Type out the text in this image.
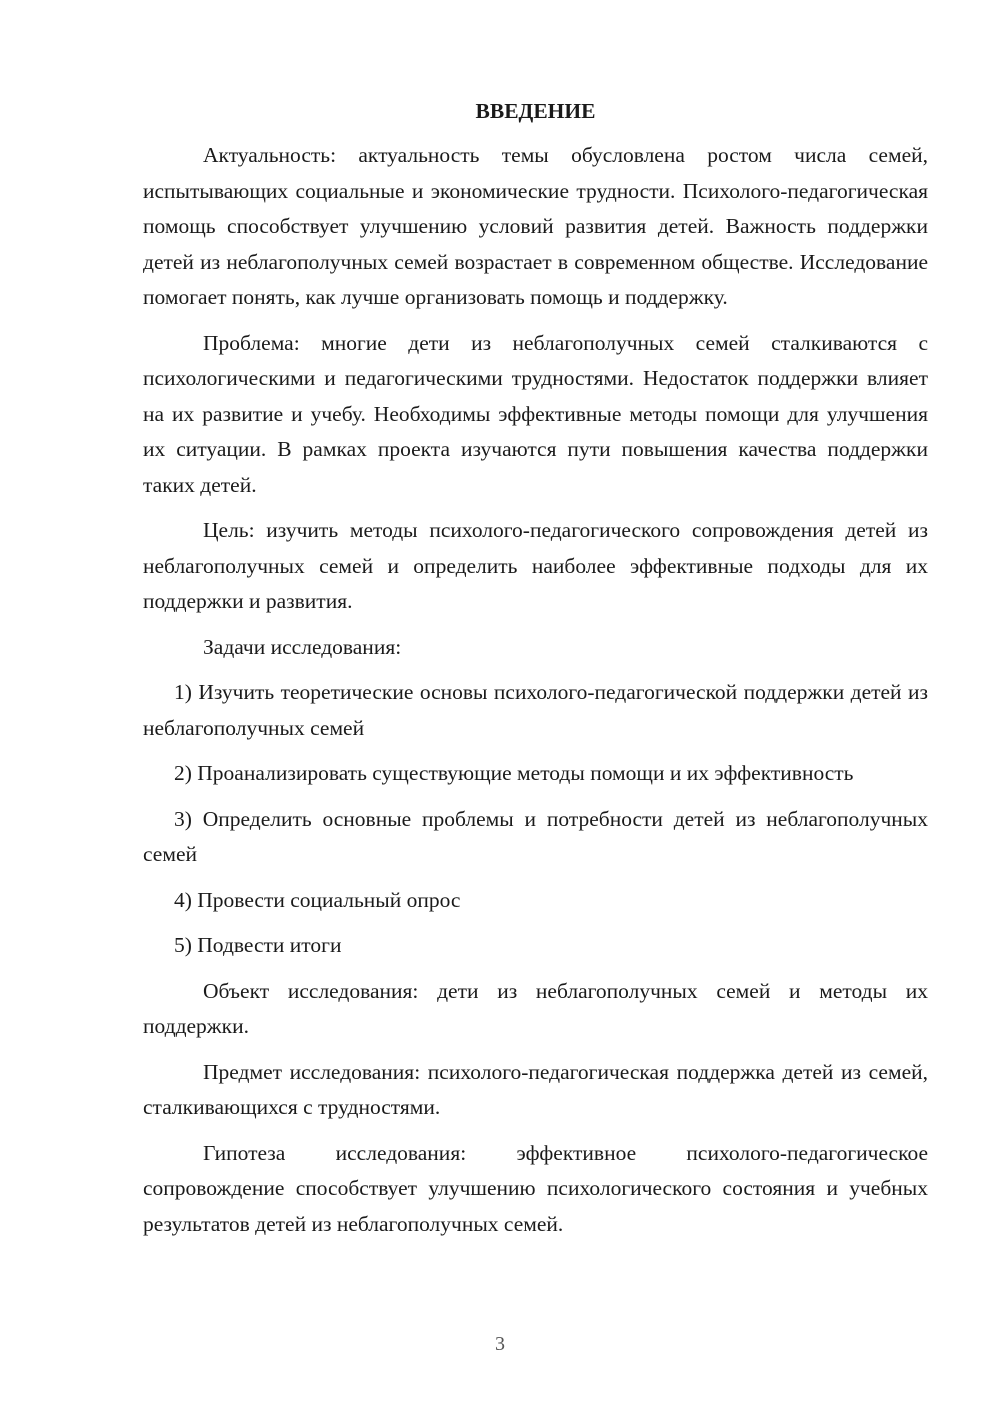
ВВЕДЕНИЕ

Актуальность: актуальность темы обусловлена ростом числа семей, испытывающих социальные и экономические трудности. Психолого-педагогическая помощь способствует улучшению условий развития детей. Важность поддержки детей из неблагополучных семей возрастает в современном обществе. Исследование помогает понять, как лучше организовать помощь и поддержку.

Проблема: многие дети из неблагополучных семей сталкиваются с психологическими и педагогическими трудностями. Недостаток поддержки влияет на их развитие и учебу. Необходимы эффективные методы помощи для улучшения их ситуации. В рамках проекта изучаются пути повышения качества поддержки таких детей.

Цель: изучить методы психолого-педагогического сопровождения детей из неблагополучных семей и определить наиболее эффективные подходы для их поддержки и развития.

Задачи исследования:

1) Изучить теоретические основы психолого-педагогической поддержки детей из неблагополучных семей

2) Проанализировать существующие методы помощи и их эффективность

3) Определить основные проблемы и потребности детей из неблагополучных семей

4) Провести социальный опрос

5) Подвести итоги

Объект исследования: дети из неблагополучных семей и методы их поддержки.

Предмет исследования: психолого-педагогическая поддержка детей из семей, сталкивающихся с трудностями.

Гипотеза исследования: эффективное психолого-педагогическое сопровождение способствует улучшению психологического состояния и учебных результатов детей из неблагополучных семей.

3
